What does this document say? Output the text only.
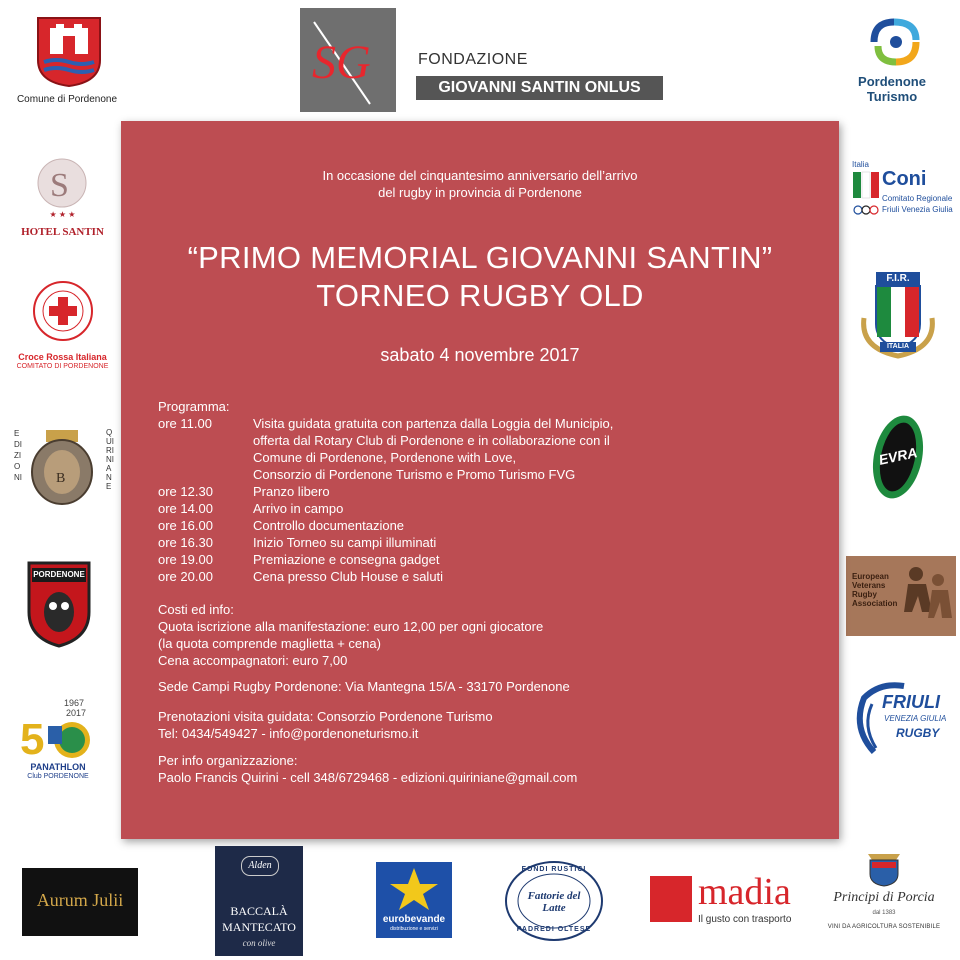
Comune di Pordenone
SG	FONDAZIONE
GIOVANNI SANTIN ONLUS	Pordenone
Turismo
S
★ ★ ★
HOTEL SANTIN
Croce Rossa Italiana
COMITATO DI PORDENONE
EDIZIONI B
QUIRINIANE
PORDENONE
1967
2017
5
PANATHLON
Club PORDENONE
Italia
Coni
Comitato Regionale
Friuli Venezia Giulia
F.I.R.
ITALIA
EVRA
European
Veterans
Rugby
Association
FRIULI
VENEZIA GIULIA
RUGBY
In occasione del cinquantesimo anniversario dell’arrivo
del rugby in provincia di Pordenone
“PRIMO MEMORIAL GIOVANNI SANTIN”
TORNEO RUGBY OLD
sabato 4 novembre 2017
Programma:
ore 11.00	Visita guidata gratuita con partenza dalla Loggia del Municipio,
offerta dal Rotary Club di Pordenone e in collaborazione con il
Comune di Pordenone, Pordenone with Love,
Consorzio di Pordenone Turismo e Promo Turismo FVG
ore 12.30	Pranzo libero
ore 14.00	Arrivo in campo
ore 16.00	Controllo documentazione
ore 16.30	Inizio Torneo su campi illuminati
ore 19.00	Premiazione e consegna gadget
ore 20.00	Cena presso Club House e saluti
Costi ed info:
Quota iscrizione alla manifestazione: euro 12,00 per ogni giocatore
(la quota comprende maglietta + cena)
Cena accompagnatori: euro 7,00
Sede Campi Rugby Pordenone: Via Mantegna 15/A - 33170 Pordenone
Prenotazioni visita guidata: Consorzio Pordenone Turismo
Tel: 0434/549427 - info@pordenoneturismo.it
Per info organizzazione:
Paolo Francis Quirini - cell 348/6729468 - edizioni.quiriniane@gmail.com
Aurum Julii
Alden
BACCALÀ
MANTECATO
con olive
eurobevande
distribuzione e servizi
FONDI RUSTICI
Fattorie del Latte
PADREDI OLTESE
madia
Il gusto con trasporto
Principi di Porcia
dal 1383
VINI DA AGRICOLTURA SOSTENIBILE
